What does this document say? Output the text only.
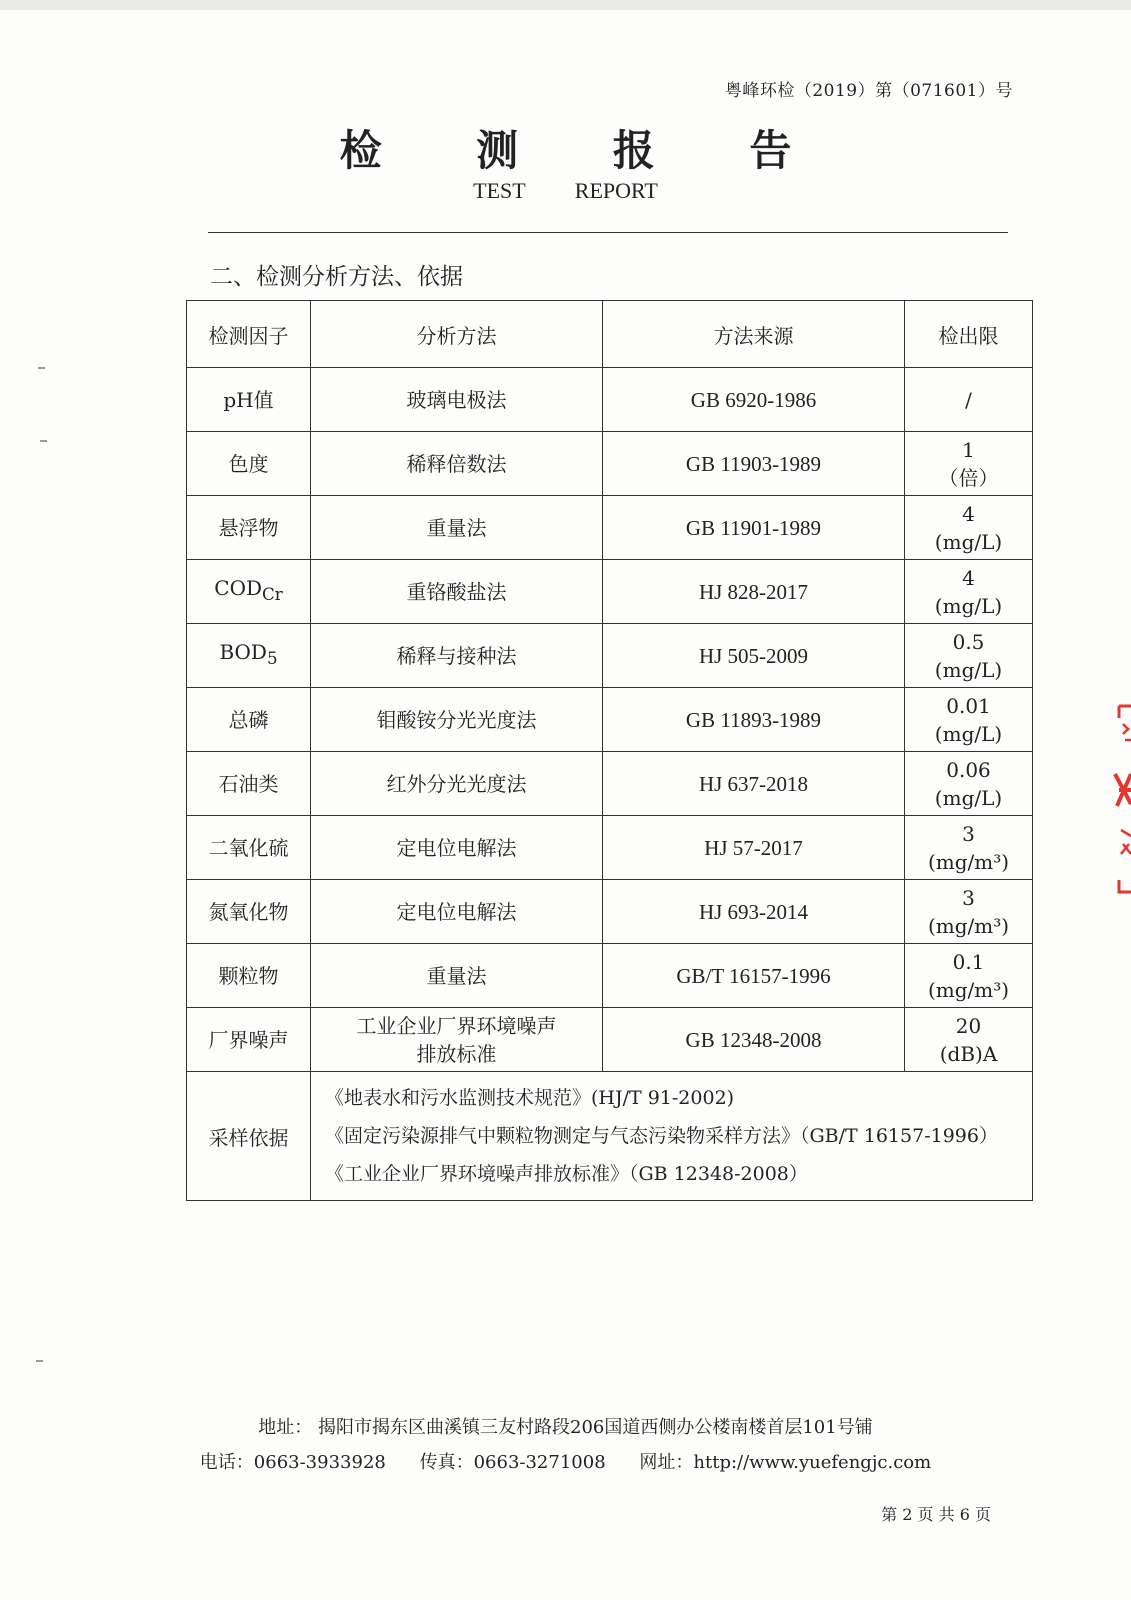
粤峰环检（2019）第（071601）号
检 测 报 告
TEST REPORT
二、检测分析方法、依据
检测因子	分析方法	方法来源	检出限
pH值	玻璃电极法	GB 6920-1986	/
色度	稀释倍数法	GB 11903-1989	1
（倍）
悬浮物	重量法	GB 11901-1989	4
(mg/L)
$COD_{Cr}$	重铬酸盐法	HJ 828-2017	4
(mg/L)
$BOD_5$	稀释与接种法	HJ 505-2009	0.5
(mg/L)
总磷	钼酸铵分光光度法	GB 11893-1989	0.01
(mg/L)
石油类	红外分光光度法	HJ 637-2018	0.06
(mg/L)
二氧化硫	定电位电解法	HJ 57-2017	3
(mg/m³)
氮氧化物	定电位电解法	HJ 693-2014	3
(mg/m³)
颗粒物	重量法	GB/T 16157-1996	0.1
(mg/m³)
厂界噪声	工业企业厂界环境噪声
排放标准	GB 12348-2008	20
(dB)A
采样依据	《地表水和污水监测技术规范》(HJ/T 91-2002)
《固定污染源排气中颗粒物测定与气态污染物采样方法》（GB/T 16157-1996）
《工业企业厂界环境噪声排放标准》（GB 12348-2008）		
地址： 揭阳市揭东区曲溪镇三友村路段206国道西侧办公楼南楼首层101号铺
电话：0663-3933928 传真：0663-3271008 网址：http://www.yuefengjc.com
第 2 页 共 6 页
